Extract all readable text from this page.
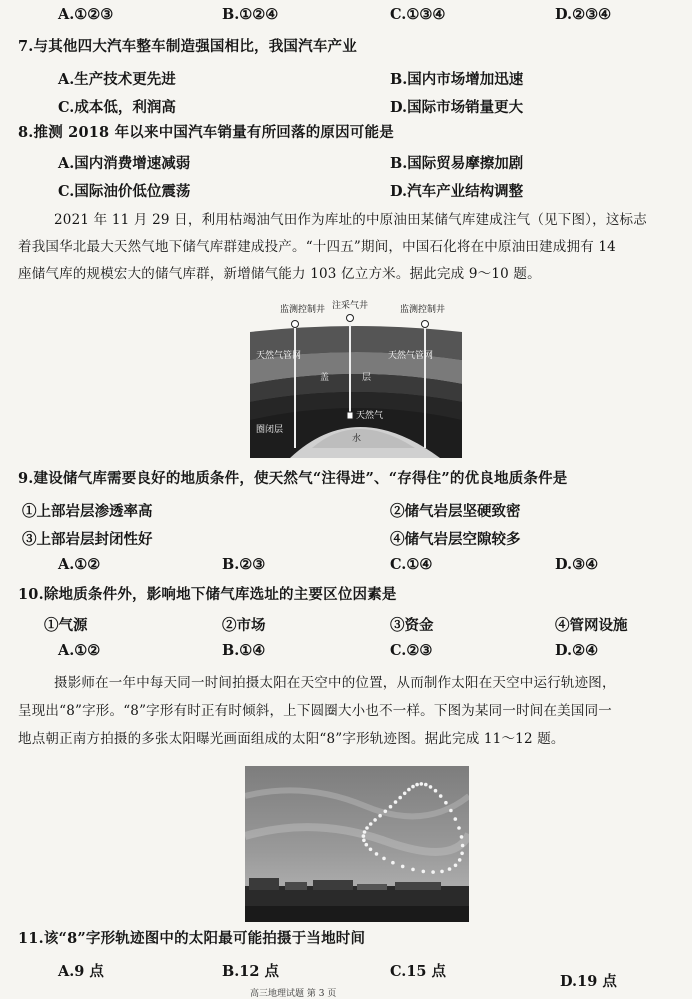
A.①②③	B.①②④	C.①③④	D.②③④
7.与其他四大汽车整车制造强国相比，我国汽车产业
A.生产技术更先进	B.国内市场增加迅速
C.成本低，利润高	D.国际市场销量更大
8.推测 2018 年以来中国汽车销量有所回落的原因可能是
A.国内消费增速减弱	B.国际贸易摩擦加剧
C.国际油价低位震荡	D.汽车产业结构调整
2021 年 11 月 29 日，利用枯竭油气田作为库址的中原油田某储气库建成注气（见下图），这标志
着我国华北最大天然气地下储气库群建成投产。“十四五”期间，中国石化将在中原油田建成拥有 14
座储气库的规模宏大的储气库群，新增储气能力 103 亿立方米。据此完成 9～10 题。
监测控制井 注采气井	监测控制井
天然气管网	天然气管网
盖	层
天然气
水
圈闭层
9.建设储气库需要良好的地质条件，使天然气“注得进”、“存得住”的优良地质条件是
①上部岩层渗透率高	②储气岩层坚硬致密
③上部岩层封闭性好	④储气岩层空隙较多
A.①②	B.②③	C.①④	D.③④
10.除地质条件外，影响地下储气库选址的主要区位因素是
①气源	②市场	③资金	④管网设施
A.①②	B.①④	C.②③	D.②④
摄影师在一年中每天同一时间拍摄太阳在天空中的位置，从而制作太阳在天空中运行轨迹图，
呈现出“8”字形。“8”字形有时正有时倾斜，上下圆圈大小也不一样。下图为某同一时间在美国同一
地点朝正南方拍摄的多张太阳曝光画面组成的太阳“8”字形轨迹图。据此完成 11～12 题。
11.该“8”字形轨迹图中的太阳最可能拍摄于当地时间
A.9 点	B.12 点	C.15 点
D.19 点
高三地理试题 第 3 页
